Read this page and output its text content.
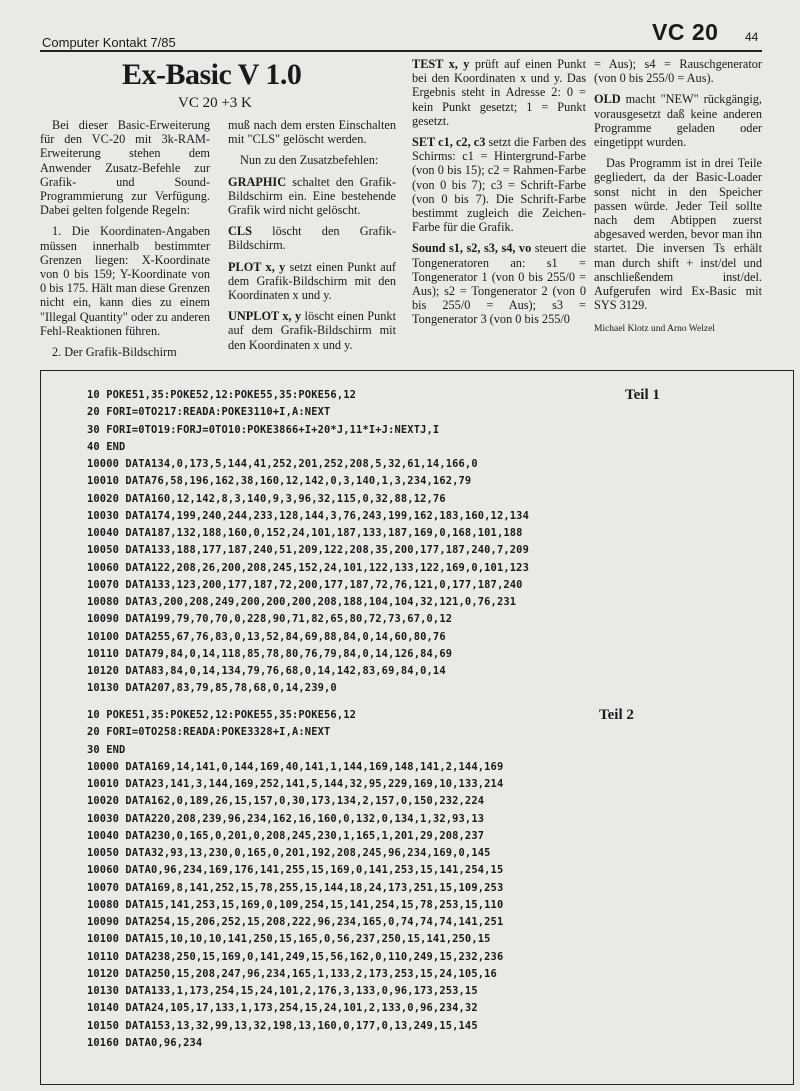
Computer Kontakt 7/85	VC 20 44
Ex-Basic V 1.0
VC 20 +3 K

Bei dieser Basic-Erweiterung für den VC-20 mit 3k-RAM-Erweiterung stehen dem Anwender Zusatz-Befehle zur Grafik- und Sound-Programmierung zur Verfügung. Dabei gelten folgende Regeln:

1. Die Koordinaten-Angaben müssen innerhalb bestimmter Grenzen liegen: X-Koordinate von 0 bis 159; Y-Koordinate von 0 bis 175. Hält man diese Grenzen nicht ein, kann dies zu einem "Illegal Quantity" oder zu anderen Fehl-Reaktionen führen.

2. Der Grafik-Bildschirm

muß nach dem ersten Einschalten mit "CLS" gelöscht werden.

Nun zu den Zusatzbefehlen:

GRAPHIC schaltet den Grafik-Bildschirm ein. Eine bestehende Grafik wird nicht gelöscht.

CLS löscht den Grafik-Bildschirm.

PLOT x, y setzt einen Punkt auf dem Grafik-Bildschirm mit den Koordinaten x und y.

UNPLOT x, y löscht einen Punkt auf dem Grafik-Bildschirm mit den Koordinaten x und y.

TEST x, y prüft auf einen Punkt bei den Koordinaten x und y. Das Ergebnis steht in Adresse 2: 0 = kein Punkt gesetzt; 1 = Punkt gesetzt.

SET c1, c2, c3 setzt die Farben des Schirms: c1 = Hintergrund-Farbe (von 0 bis 15); c2 = Rahmen-Farbe (von 0 bis 7); c3 = Schrift-Farbe (von 0 bis 7). Die Schrift-Farbe bestimmt zugleich die Zeichen-Farbe für die Grafik.

Sound s1, s2, s3, s4, vo steuert die Tongeneratoren an: s1 = Tongenerator 1 (von 0 bis 255/0 = Aus); s2 = Tongenerator 2 (von 0 bis 255/0 = Aus); s3 = Tongenerator 3 (von 0 bis 255/0

= Aus); s4 = Rauschgenerator (von 0 bis 255/0 = Aus).

OLD macht "NEW" rückgängig, vorausgesetzt daß keine anderen Programme geladen oder eingetippt wurden.

Das Programm ist in drei Teile gegliedert, da der Basic-Loader sonst nicht in den Speicher passen würde. Jeder Teil sollte nach dem Abtippen zuerst abgesaved werden, bevor man ihn startet. Die inversen Ts erhält man durch shift + inst/del und anschließendem inst/del. Aufgerufen wird Ex-Basic mit SYS 3129.

Michael Klotz und Arno Welzel

Teil 1
Teil 2
10 POKE51,35:POKE52,12:POKE55,35:POKE56,12
20 FORI=0TO217:READA:POKE3110+I,A:NEXT
30 FORI=0TO19:FORJ=0TO10:POKE3866+I+20*J,11*I+J:NEXTJ,I
40 END
10000 DATA134,0,173,5,144,41,252,201,252,208,5,32,61,14,166,0
10010 DATA76,58,196,162,38,160,12,142,0,3,140,1,3,234,162,79
10020 DATA160,12,142,8,3,140,9,3,96,32,115,0,32,88,12,76
10030 DATA174,199,240,244,233,128,144,3,76,243,199,162,183,160,12,134
10040 DATA187,132,188,160,0,152,24,101,187,133,187,169,0,168,101,188
10050 DATA133,188,177,187,240,51,209,122,208,35,200,177,187,240,7,209
10060 DATA122,208,26,200,208,245,152,24,101,122,133,122,169,0,101,123
10070 DATA133,123,200,177,187,72,200,177,187,72,76,121,0,177,187,240
10080 DATA3,200,208,249,200,200,200,208,188,104,104,32,121,0,76,231
10090 DATA199,79,70,70,0,228,90,71,82,65,80,72,73,67,0,12
10100 DATA255,67,76,83,0,13,52,84,69,88,84,0,14,60,80,76
10110 DATA79,84,0,14,118,85,78,80,76,79,84,0,14,126,84,69
10120 DATA83,84,0,14,134,79,76,68,0,14,142,83,69,84,0,14
10130 DATA207,83,79,85,78,68,0,14,239,0
10 POKE51,35:POKE52,12:POKE55,35:POKE56,12
20 FORI=0TO258:READA:POKE3328+I,A:NEXT
30 END
10000 DATA169,14,141,0,144,169,40,141,1,144,169,148,141,2,144,169
10010 DATA23,141,3,144,169,252,141,5,144,32,95,229,169,10,133,214
10020 DATA162,0,189,26,15,157,0,30,173,134,2,157,0,150,232,224
10030 DATA220,208,239,96,234,162,16,160,0,132,0,134,1,32,93,13
10040 DATA230,0,165,0,201,0,208,245,230,1,165,1,201,29,208,237
10050 DATA32,93,13,230,0,165,0,201,192,208,245,96,234,169,0,145
10060 DATA0,96,234,169,176,141,255,15,169,0,141,253,15,141,254,15
10070 DATA169,8,141,252,15,78,255,15,144,18,24,173,251,15,109,253
10080 DATA15,141,253,15,169,0,109,254,15,141,254,15,78,253,15,110
10090 DATA254,15,206,252,15,208,222,96,234,165,0,74,74,74,141,251
10100 DATA15,10,10,10,141,250,15,165,0,56,237,250,15,141,250,15
10110 DATA238,250,15,169,0,141,249,15,56,162,0,110,249,15,232,236
10120 DATA250,15,208,247,96,234,165,1,133,2,173,253,15,24,105,16
10130 DATA133,1,173,254,15,24,101,2,176,3,133,0,96,173,253,15
10140 DATA24,105,17,133,1,173,254,15,24,101,2,133,0,96,234,32
10150 DATA153,13,32,99,13,32,198,13,160,0,177,0,13,249,15,145
10160 DATA0,96,234
